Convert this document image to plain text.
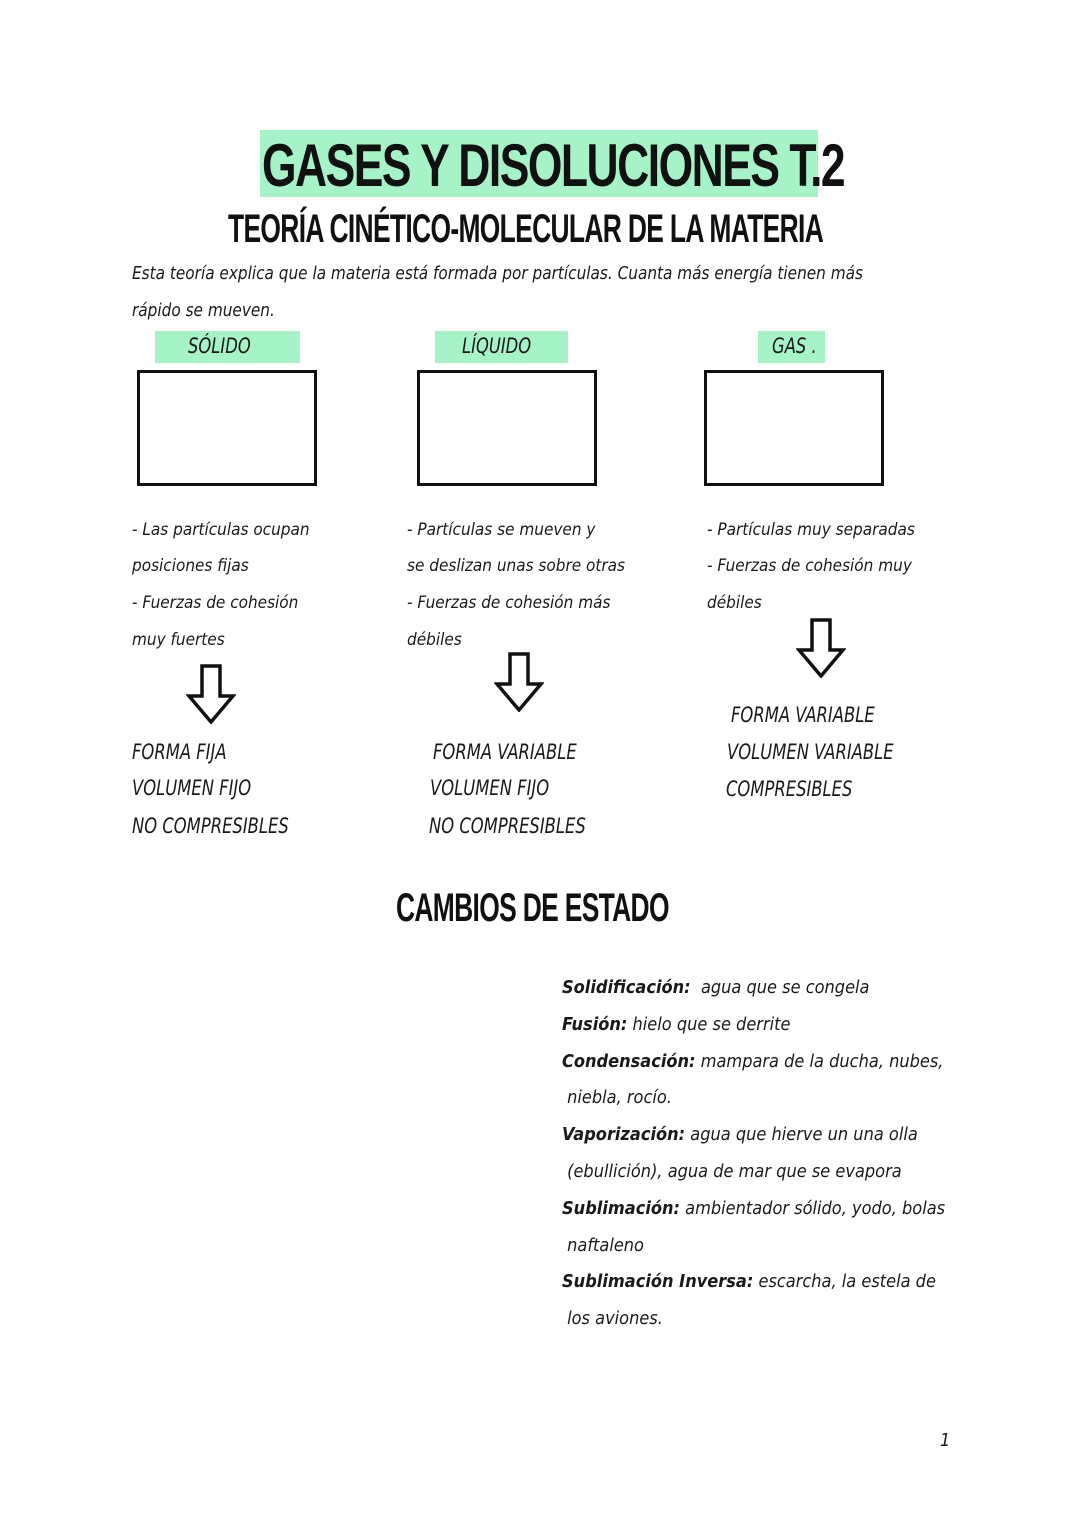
GASES Y DISOLUCIONES T.2
TEORÍA CINÉTICO-MOLECULAR DE LA MATERIA
Esta teoría explica que la materia está formada por partículas. Cuanta más energía tienen más
rápido se mueven.
SÓLIDO	LÍQUIDO	GAS .
- Las partículas ocupan
posiciones fijas
- Fuerzas de cohesión
muy fuertes
- Partículas se mueven y
se deslizan unas sobre otras
- Fuerzas de cohesión más
débiles
- Partículas muy separadas
- Fuerzas de cohesión muy
débiles
FORMA FIJA
VOLUMEN FIJO
NO COMPRESIBLES
FORMA VARIABLE
VOLUMEN FIJO
NO COMPRESIBLES
FORMA VARIABLE
VOLUMEN VARIABLE
COMPRESIBLES
CAMBIOS DE ESTADO
Solidificación:  agua que se congela
Fusión: hielo que se derrite
Condensación: mampara de la ducha, nubes,
niebla, rocío.
Vaporización: agua que hierve un una olla
(ebullición), agua de mar que se evapora
Sublimación: ambientador sólido, yodo, bolas
naftaleno
Sublimación Inversa: escarcha, la estela de
los aviones.
1
